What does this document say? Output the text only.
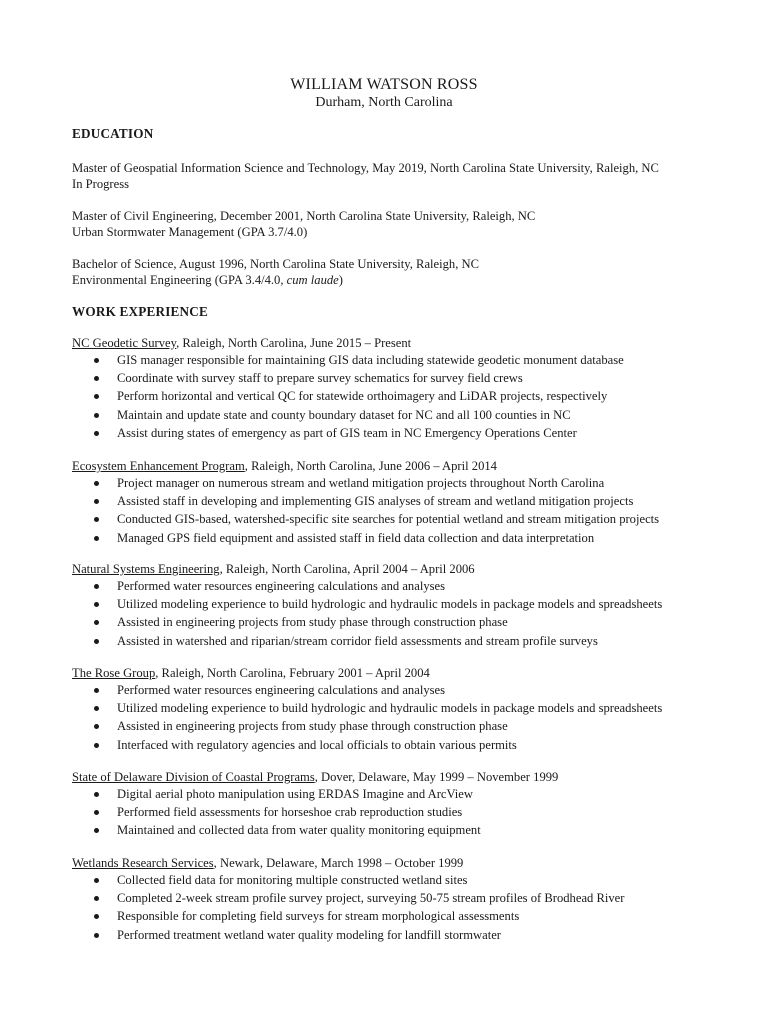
WILLIAM WATSON ROSS
Durham, North Carolina
EDUCATION
Master of Geospatial Information Science and Technology, May 2019, North Carolina State University, Raleigh, NC
In Progress
Master of Civil Engineering, December 2001, North Carolina State University, Raleigh, NC
Urban Stormwater Management (GPA 3.7/4.0)
Bachelor of Science, August 1996, North Carolina State University, Raleigh, NC
Environmental Engineering (GPA 3.4/4.0, cum laude)
WORK EXPERIENCE
NC Geodetic Survey, Raleigh, North Carolina, June 2015 – Present
GIS manager responsible for maintaining GIS data including statewide geodetic monument database
Coordinate with survey staff to prepare survey schematics for survey field crews
Perform horizontal and vertical QC for statewide orthoimagery and LiDAR projects, respectively
Maintain and update state and county boundary dataset for NC and all 100 counties in NC
Assist during states of emergency as part of GIS team in NC Emergency Operations Center
Ecosystem Enhancement Program, Raleigh, North Carolina, June 2006 – April 2014
Project manager on numerous stream and wetland mitigation projects throughout North Carolina
Assisted staff in developing and implementing GIS analyses of stream and wetland mitigation projects
Conducted GIS-based, watershed-specific site searches for potential wetland and stream mitigation projects
Managed GPS field equipment and assisted staff in field data collection and data interpretation
Natural Systems Engineering, Raleigh, North Carolina, April 2004 – April 2006
Performed water resources engineering calculations and analyses
Utilized modeling experience to build hydrologic and hydraulic models in package models and spreadsheets
Assisted in engineering projects from study phase through construction phase
Assisted in watershed and riparian/stream corridor field assessments and stream profile surveys
The Rose Group, Raleigh, North Carolina, February 2001 – April 2004
Performed water resources engineering calculations and analyses
Utilized modeling experience to build hydrologic and hydraulic models in package models and spreadsheets
Assisted in engineering projects from study phase through construction phase
Interfaced with regulatory agencies and local officials to obtain various permits
State of Delaware Division of Coastal Programs, Dover, Delaware, May 1999 – November 1999
Digital aerial photo manipulation using ERDAS Imagine and ArcView
Performed field assessments for horseshoe crab reproduction studies
Maintained and collected data from water quality monitoring equipment
Wetlands Research Services, Newark, Delaware, March 1998 – October 1999
Collected field data for monitoring multiple constructed wetland sites
Completed 2-week stream profile survey project, surveying 50-75 stream profiles of Brodhead River
Responsible for completing field surveys for stream morphological assessments
Performed treatment wetland water quality modeling for landfill stormwater
